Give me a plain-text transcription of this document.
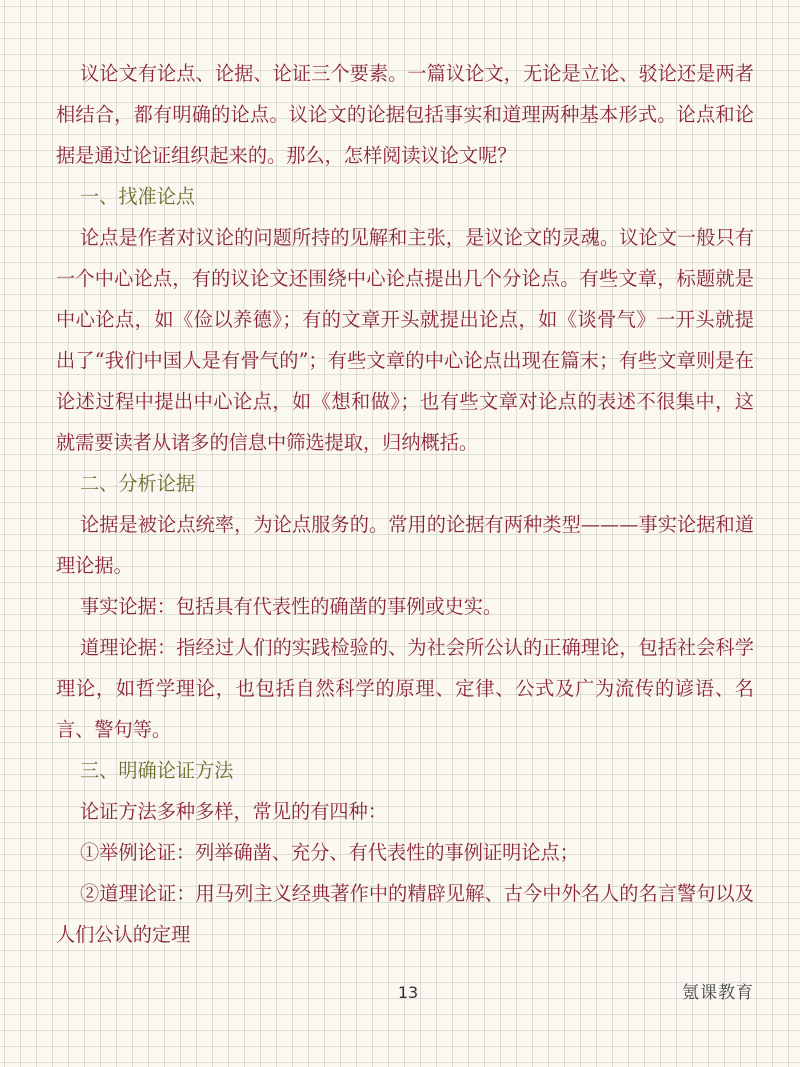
议论文有论点、论据、论证三个要素。一篇议论文，无论是立论、驳论还是两者相结合，都有明确的论点。议论文的论据包括事实和道理两种基本形式。论点和论据是通过论证组织起来的。那么，怎样阅读议论文呢？
一、找准论点
论点是作者对议论的问题所持的见解和主张，是议论文的灵魂。议论文一般只有一个中心论点，有的议论文还围绕中心论点提出几个分论点。有些文章，标题就是中心论点，如《俭以养德》；有的文章开头就提出论点，如《谈骨气》一开头就提出了“我们中国人是有骨气的”；有些文章的中心论点出现在篇末；有些文章则是在论述过程中提出中心论点，如《想和做》；也有些文章对论点的表述不很集中，这就需要读者从诸多的信息中筛选提取，归纳概括。
二、分析论据
论据是被论点统率，为论点服务的。常用的论据有两种类型———事实论据和道理论据。
事实论据：包括具有代表性的确凿的事例或史实。
道理论据：指经过人们的实践检验的、为社会所公认的正确理论，包括社会科学理论，如哲学理论，也包括自然科学的原理、定律、公式及广为流传的谚语、名言、警句等。
三、明确论证方法
论证方法多种多样，常见的有四种：
①举例论证：列举确凿、充分、有代表性的事例证明论点；
②道理论证：用马列主义经典著作中的精辟见解、古今中外名人的名言警句以及人们公认的定理
13	氪课教育
